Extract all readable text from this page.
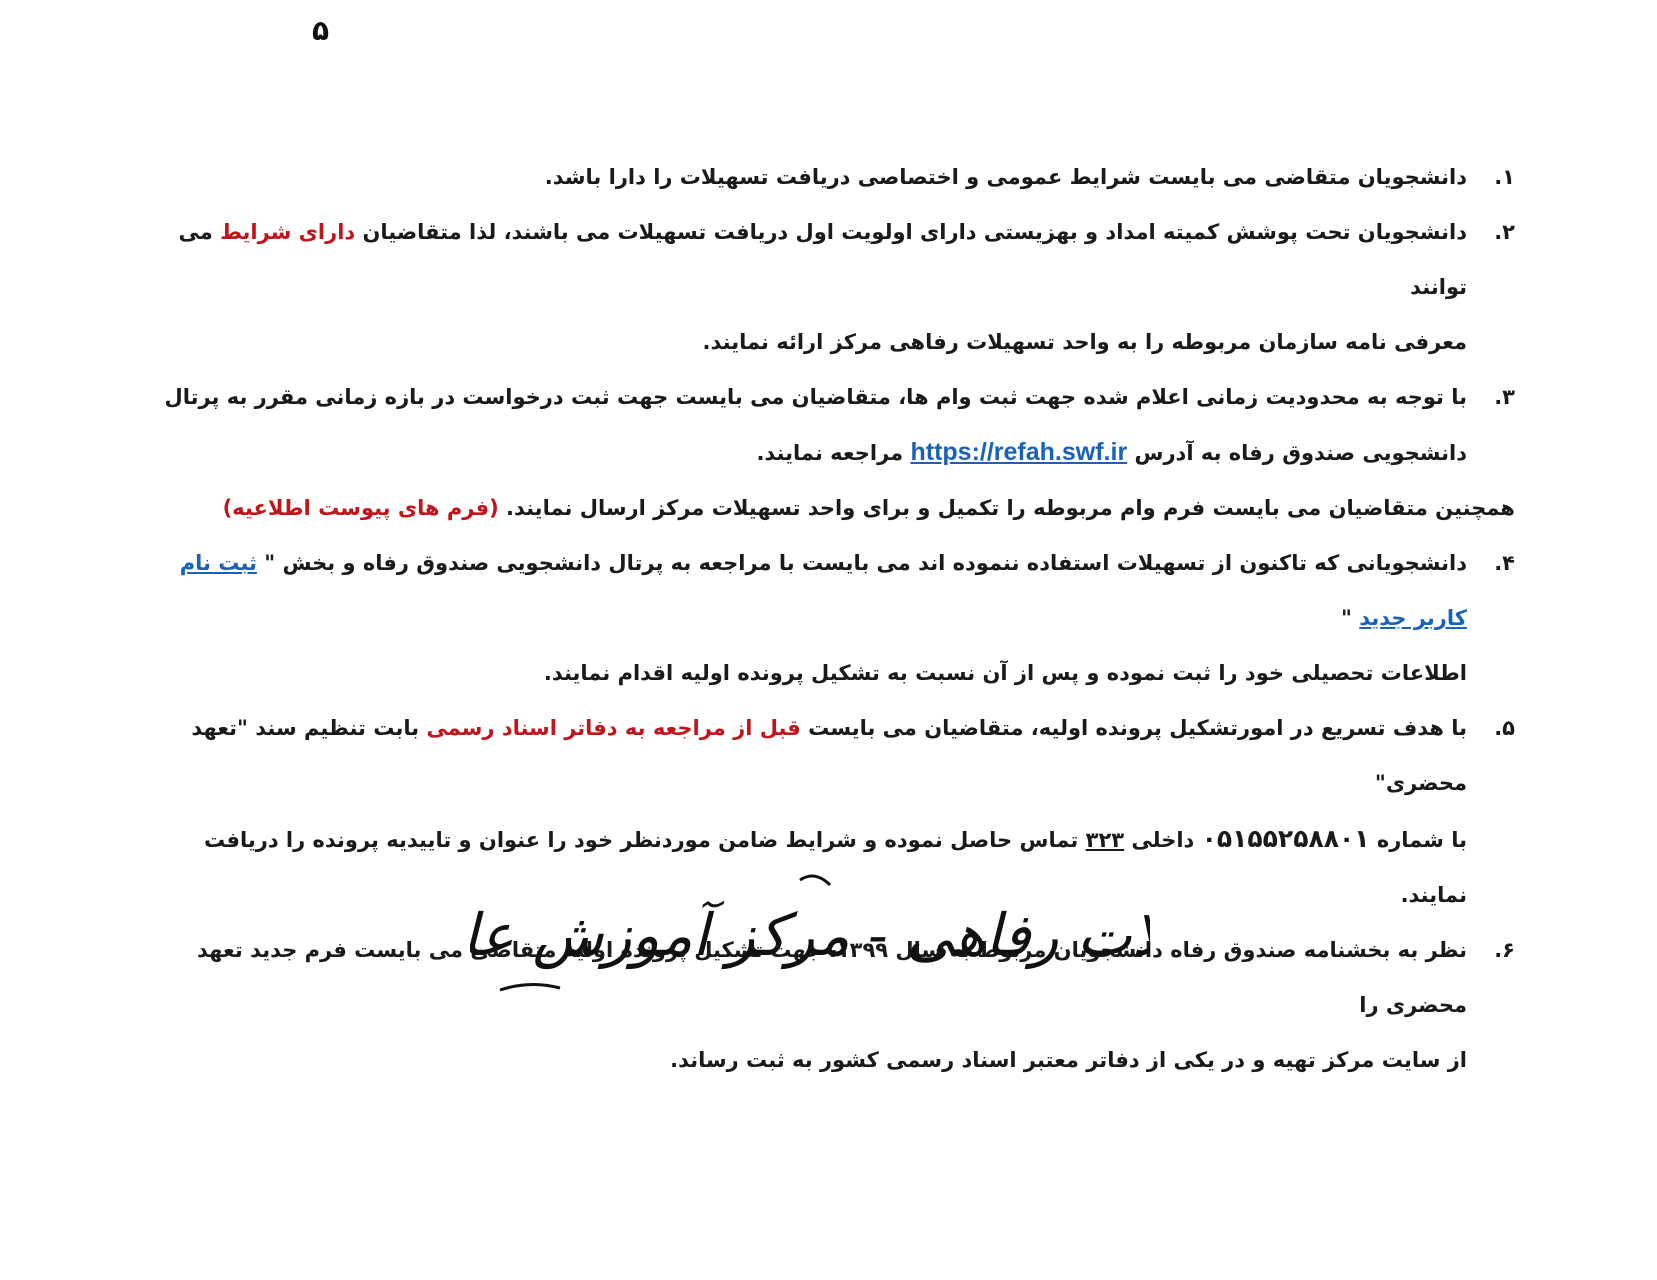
۵
۱.
دانشجویان متقاضی می بایست شرایط عمومی و اختصاصی دریافت تسهیلات را دارا باشد.
۲.
دانشجویان تحت پوشش کمیته امداد و بهزیستی دارای اولویت اول دریافت تسهیلات می باشند، لذا متقاضیان دارای شرایط می توانند
معرفی نامه سازمان مربوطه را به واحد تسهیلات رفاهی مرکز ارائه نمایند.
۳.
با توجه به محدودیت زمانی اعلام شده جهت ثبت وام ها، متقاضیان می بایست جهت ثبت درخواست در بازه زمانی مقرر به پرتال
دانشجویی صندوق رفاه به آدرس https://refah.swf.ir مراجعه نمایند.
همچنین متقاضیان می بایست فرم وام مربوطه را تکمیل و برای واحد تسهیلات مرکز ارسال نمایند. (فرم های پیوست اطلاعیه)
۴.
دانشجویانی که تاکنون از تسهیلات استفاده ننموده اند می بایست با مراجعه به پرتال دانشجویی صندوق رفاه و بخش " ثبت نام کاربر جدید "
اطلاعات تحصیلی خود را ثبت نموده و پس از آن نسبت به تشکیل پرونده اولیه اقدام نمایند.
۵.
با هدف تسریع در امورتشکیل پرونده اولیه، متقاضیان می بایست قبل از مراجعه به دفاتر اسناد رسمی بابت تنظیم سند "تعهد محضری"
با شماره ۰۵۱۵۵۲۵۸۸۰۱ داخلی ۳۲۳ تماس حاصل نموده و شرایط ضامن موردنظر خود را عنوان و تاییدیه پرونده را دریافت نمایند.
۶.
نظر به بخشنامه صندوق رفاه دانشجویان مربوط به سال ۱۳۹۹، جهت تشکیل پرونده اولیه متقاضی می بایست فرم جدید تعهد محضری را
از سایت مرکز تهیه و در یکی از دفاتر معتبر اسناد رسمی کشور به ثبت رساند.
ات رفاهی - مرکز آموزش ع
